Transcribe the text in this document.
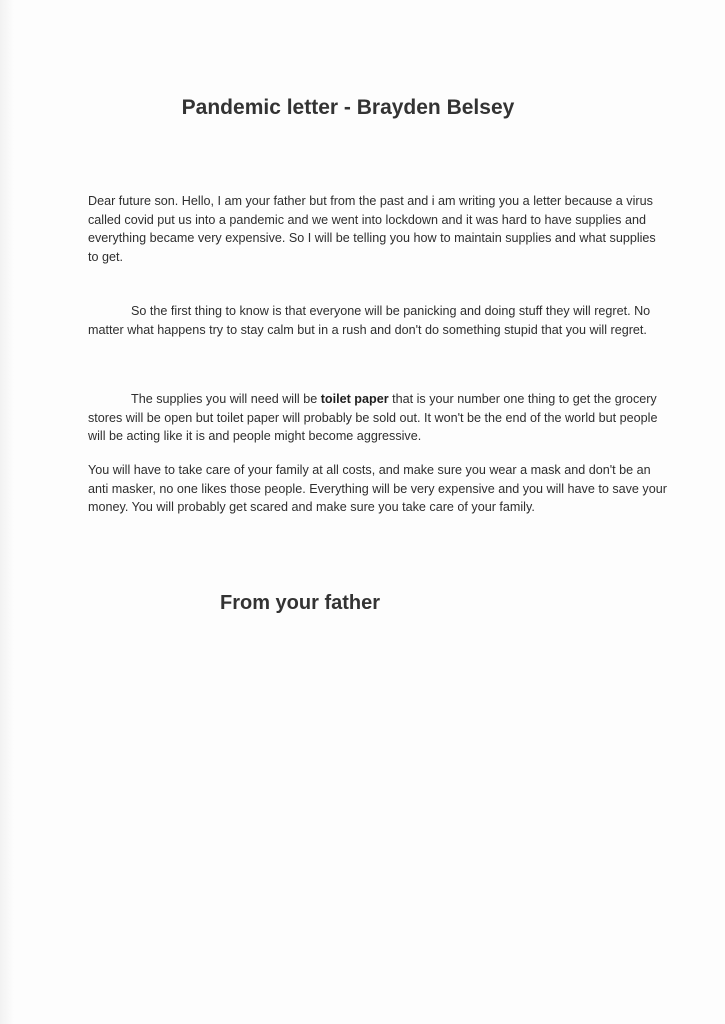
Pandemic letter - Brayden Belsey

Dear future son. Hello, I am your father but from the past and i am writing you a letter because a virus called covid put us into a pandemic and we went into lockdown and it was hard to have supplies and everything became very expensive. So I will be telling you how to maintain supplies and what supplies to get.

So the first thing to know is that everyone will be panicking and doing stuff they will regret. No matter what happens try to stay calm but in a rush and don't do something stupid that you will regret.

The supplies you will need will be toilet paper that is your number one thing to get the grocery stores will be open but toilet paper will probably be sold out. It won't be the end of the world but people will be acting like it is and people might become aggressive.

You will have to take care of your family at all costs, and make sure you wear a mask and don't be an anti masker, no one likes those people. Everything will be very expensive and you will have to save your money. You will probably get scared and make sure you take care of your family.

From your father
